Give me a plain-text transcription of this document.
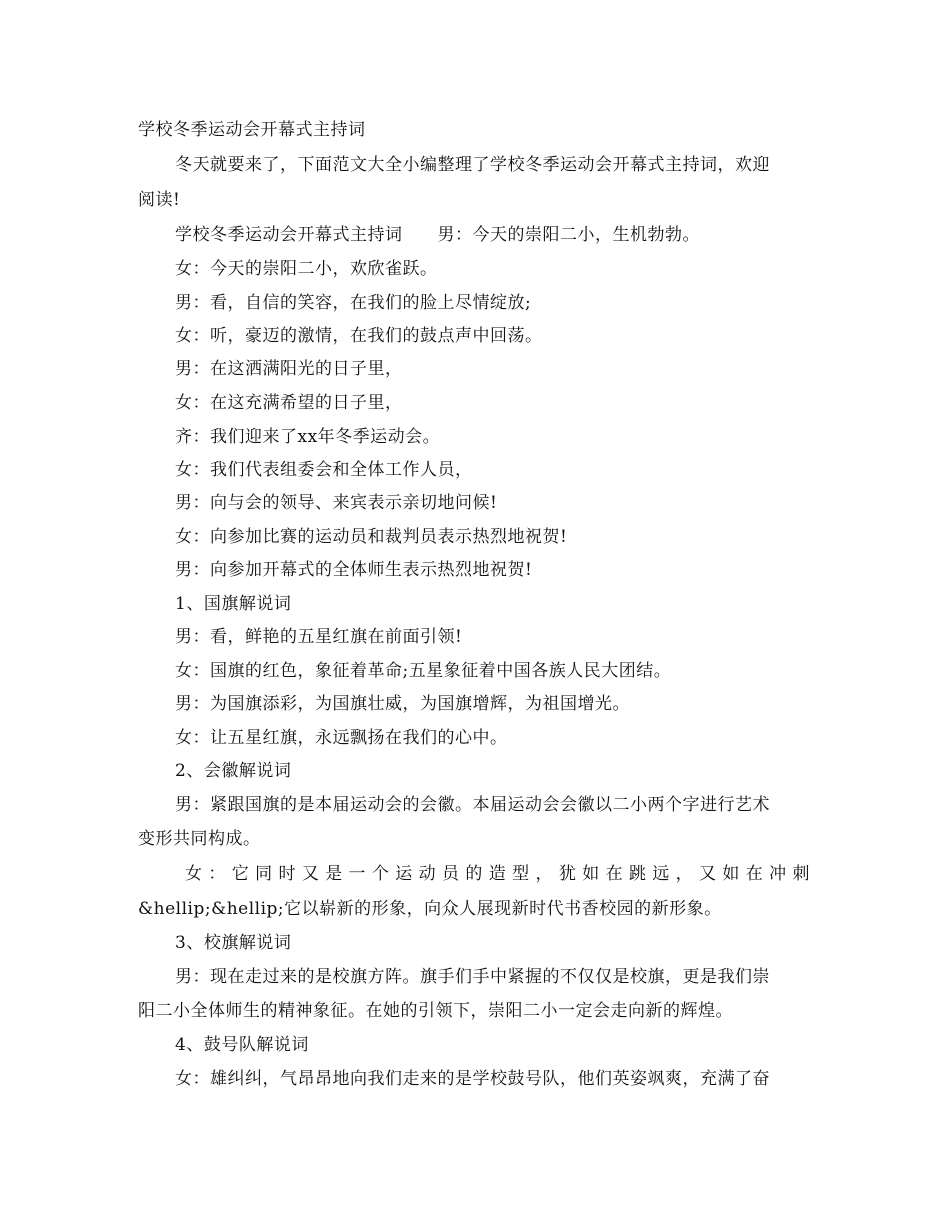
学校冬季运动会开幕式主持词
冬天就要来了，下面范文大全小编整理了学校冬季运动会开幕式主持词，欢迎
阅读!
学校冬季运动会开幕式主持词　　男：今天的崇阳二小，生机勃勃。
女：今天的崇阳二小，欢欣雀跃。
男：看，自信的笑容，在我们的脸上尽情绽放;
女：听，豪迈的激情，在我们的鼓点声中回荡。
男：在这洒满阳光的日子里，
女：在这充满希望的日子里，
齐：我们迎来了xx年冬季运动会。
女：我们代表组委会和全体工作人员，
男：向与会的领导、来宾表示亲切地问候!
女：向参加比赛的运动员和裁判员表示热烈地祝贺!
男：向参加开幕式的全体师生表示热烈地祝贺!
1、国旗解说词
男：看，鲜艳的五星红旗在前面引领!
女：国旗的红色，象征着革命;五星象征着中国各族人民大团结。
男：为国旗添彩，为国旗壮威，为国旗增辉，为祖国增光。
女：让五星红旗，永远飘扬在我们的心中。
2、会徽解说词
男：紧跟国旗的是本届运动会的会徽。本届运动会会徽以二小两个字进行艺术
变形共同构成。
女：它同时又是一个运动员的造型，犹如在跳远，又如在冲刺
&hellip;&hellip;它以崭新的形象，向众人展现新时代书香校园的新形象。
3、校旗解说词
男：现在走过来的是校旗方阵。旗手们手中紧握的不仅仅是校旗，更是我们崇
阳二小全体师生的精神象征。在她的引领下，崇阳二小一定会走向新的辉煌。
4、鼓号队解说词
女：雄纠纠，气昂昂地向我们走来的是学校鼓号队，他们英姿飒爽，充满了奋
